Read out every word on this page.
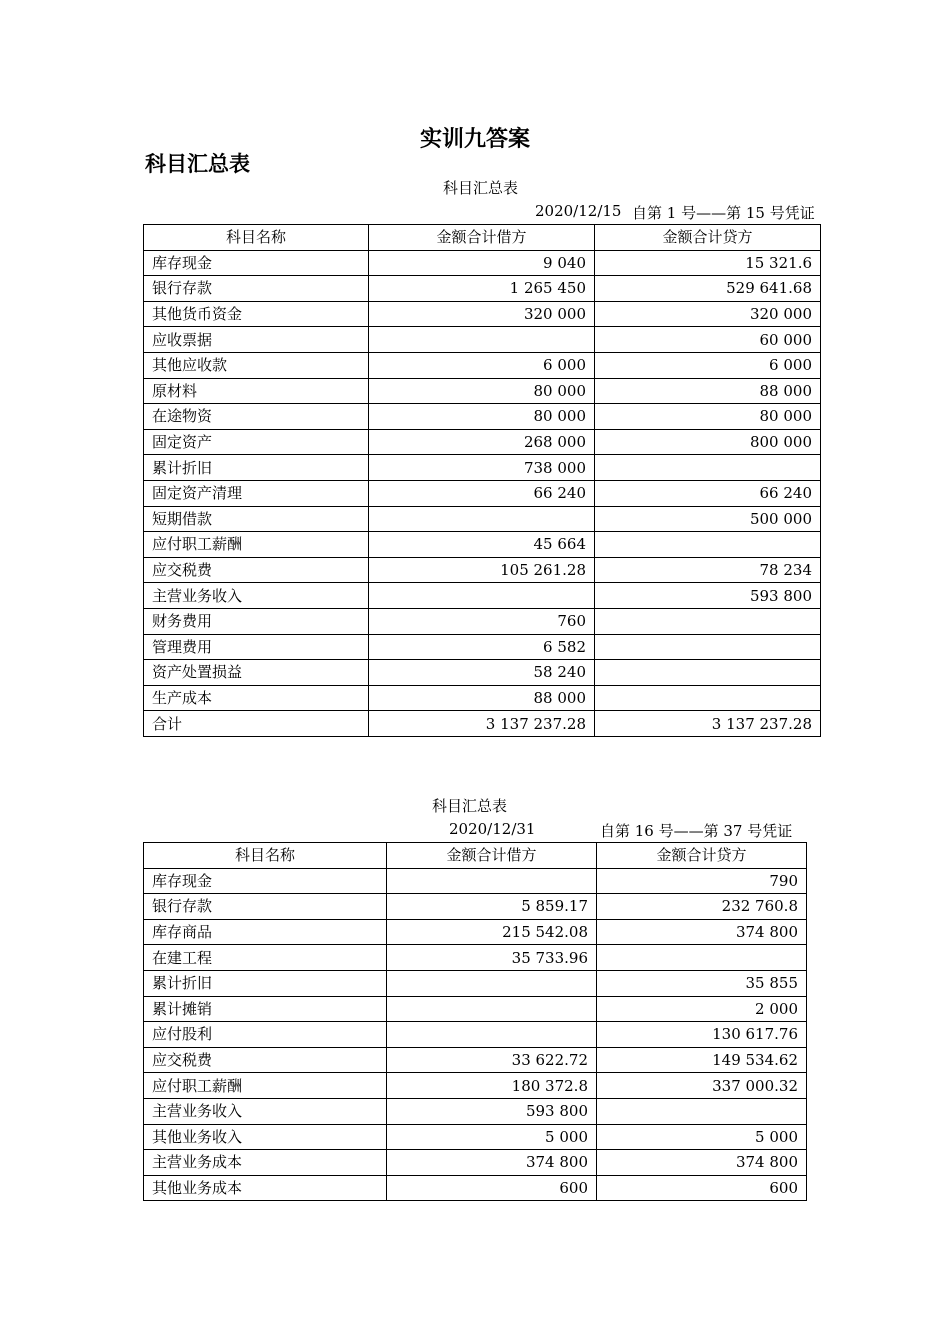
实训九答案
科目汇总表
科目汇总表
2020/12/15 自第 1 号——第 15 号凭证
科目名称	金额合计借方	金额合计贷方
库存现金	9 040	15 321.6
银行存款	1 265 450	529 641.68
其他货币资金	320 000	320 000
应收票据		60 000
其他应收款	6 000	6 000
原材料	80 000	88 000
在途物资	80 000	80 000
固定资产	268 000	800 000
累计折旧	738 000	
固定资产清理	66 240	66 240
短期借款		500 000
应付职工薪酬	45 664	
应交税费	105 261.28	78 234
主营业务收入		593 800
财务费用	760	
管理费用	6 582	
资产处置损益	58 240	
生产成本	88 000	
合计	3 137 237.28	3 137 237.28
科目汇总表
2020/12/31	自第 16 号——第 37 号凭证
科目名称	金额合计借方	金额合计贷方
库存现金		790
银行存款	5 859.17	232 760.8
库存商品	215 542.08	374 800
在建工程	35 733.96	
累计折旧		35 855
累计摊销		2 000
应付股利		130 617.76
应交税费	33 622.72	149 534.62
应付职工薪酬	180 372.8	337 000.32
主营业务收入	593 800	
其他业务收入	5 000	5 000
主营业务成本	374 800	374 800
其他业务成本	600	600
